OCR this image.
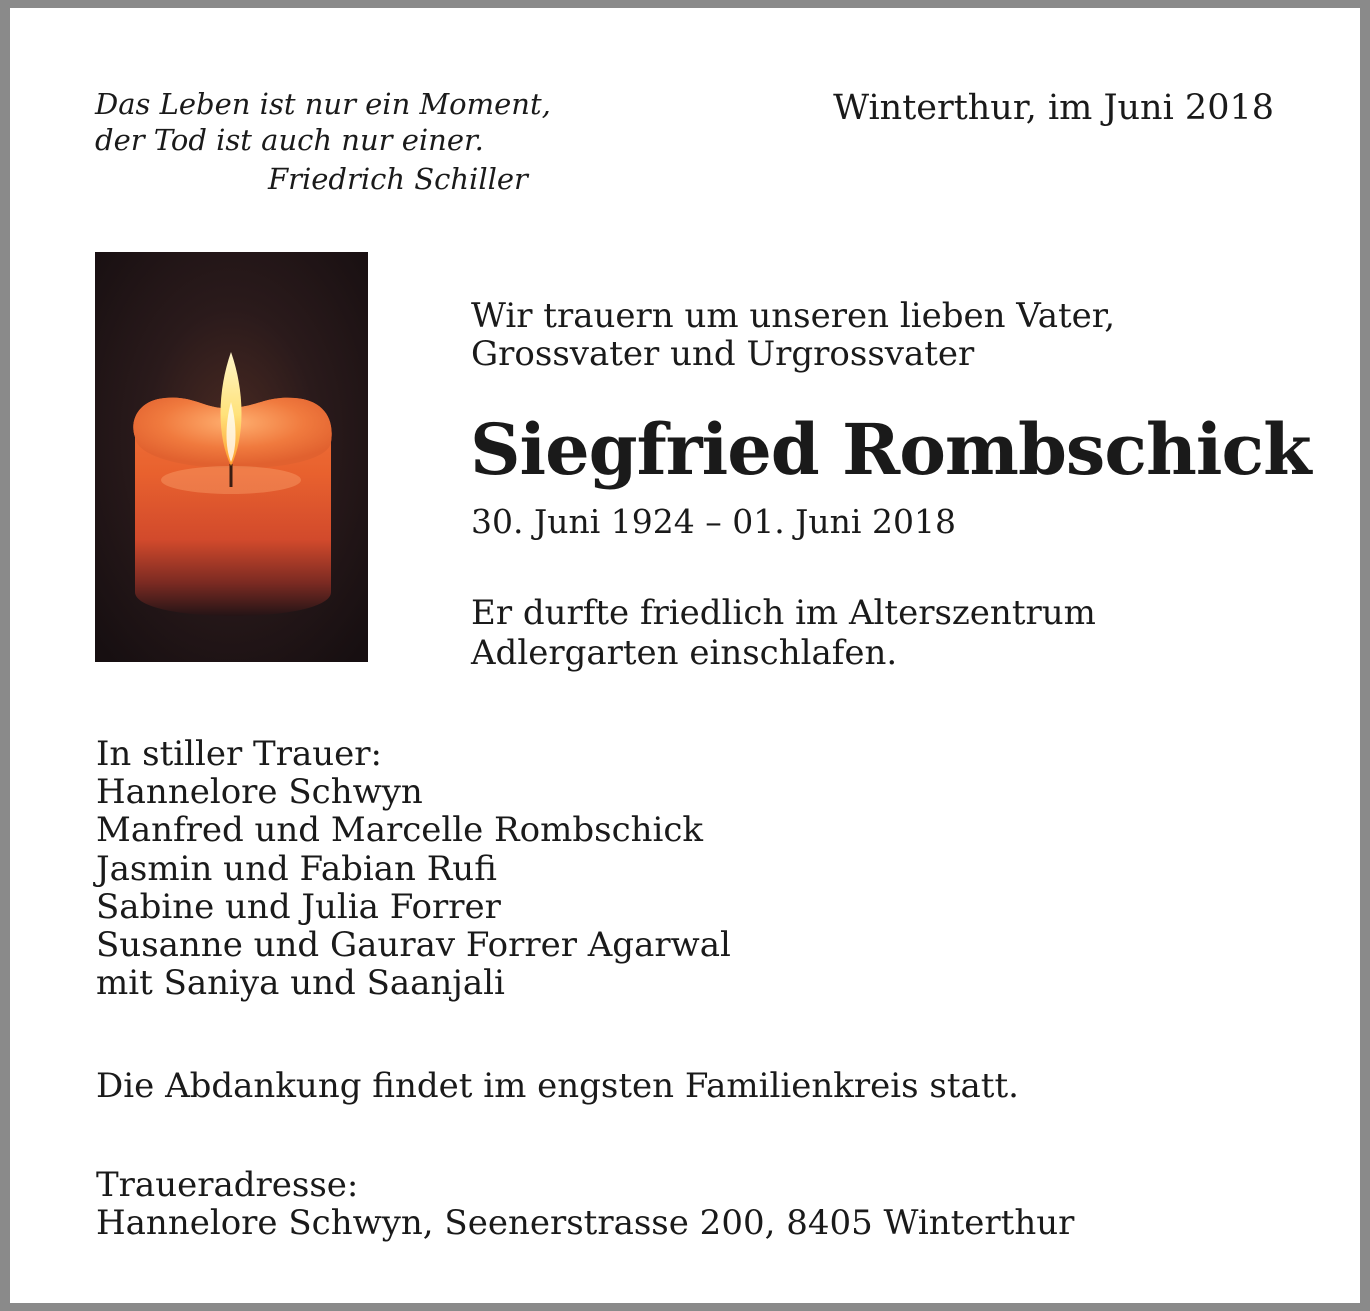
Das Leben ist nur ein Moment,
der Tod ist auch nur einer.
Friedrich Schiller
Winterthur, im Juni 2018
Wir trauern um unseren lieben Vater,
Grossvater und Urgrossvater
Siegfried Rombschick
30. Juni 1924 – 01. Juni 2018
Er durfte friedlich im Alterszentrum
Adlergarten einschlafen.
In stiller Trauer:
Hannelore Schwyn
Manfred und Marcelle Rombschick
Jasmin und Fabian Rufi
Sabine und Julia Forrer
Susanne und Gaurav Forrer Agarwal
mit Saniya und Saanjali
Die Abdankung findet im engsten Familienkreis statt.
Traueradresse:
Hannelore Schwyn, Seenerstrasse 200, 8405 Winterthur
